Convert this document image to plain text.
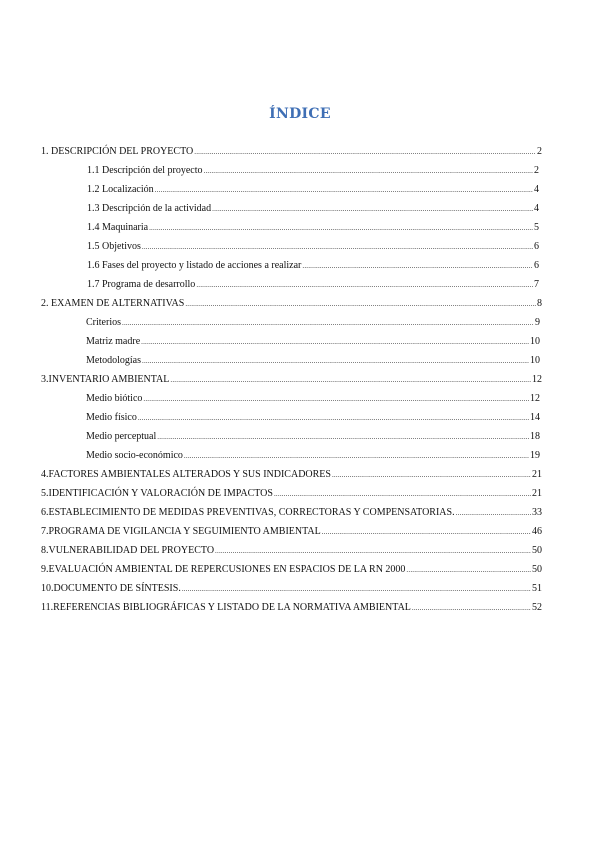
ÍNDICE
1. DESCRIPCIÓN DEL PROYECTO .....	2
1.1 Descripción del proyecto .....	2
1.2 Localización .....	4
1.3 Descripción de la actividad .....	4
1.4 Maquinaria .....	5
1.5 Objetivos .....	6
1.6 Fases del proyecto y listado de acciones a realizar .....	6
1.7 Programa de desarrollo .....	7
2. EXAMEN DE ALTERNATIVAS .....	8
Criterios .....	9
Matriz madre .....	10
Metodologías .....	10
3.INVENTARIO AMBIENTAL .....	12
Medio biótico .....	12
Medio físico .....	14
Medio perceptual .....	18
Medio socio-económico .....	19
4.FACTORES AMBIENTALES ALTERADOS Y SUS INDICADORES .....	21
5.IDENTIFICACIÓN Y VALORACIÓN DE IMPACTOS .....	21
6.ESTABLECIMIENTO DE MEDIDAS PREVENTIVAS, CORRECTORAS Y COMPENSATORIAS. .....	33
7.PROGRAMA DE VIGILANCIA Y SEGUIMIENTO AMBIENTAL .....	46
8.VULNERABILIDAD DEL PROYECTO .....	50
9.EVALUACIÓN AMBIENTAL DE REPERCUSIONES EN ESPACIOS DE LA RN 2000 .....	50
10.DOCUMENTO DE SÍNTESIS. .....	51
11.REFERENCIAS BIBLIOGRÁFICAS Y LISTADO DE LA NORMATIVA AMBIENTAL .....	52
